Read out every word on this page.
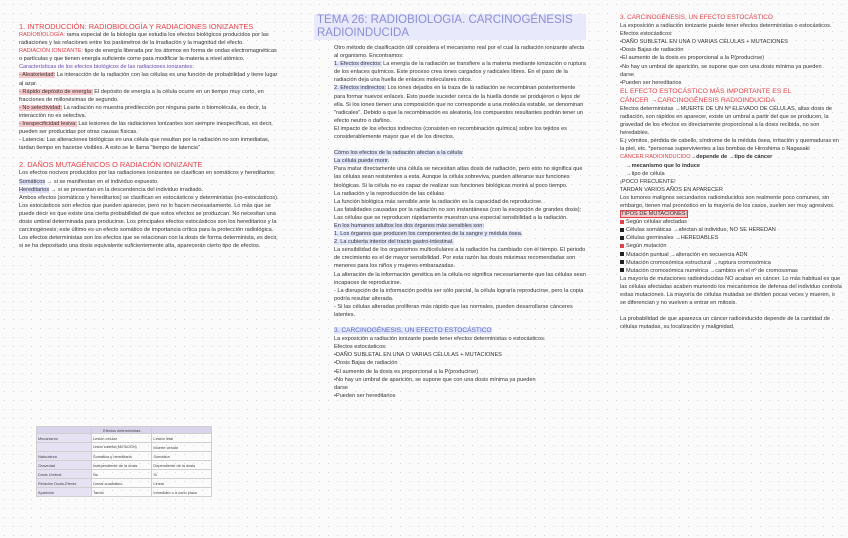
1. INTRODUCCIÓN: RADIOBIOLOGÍA Y RADIACIONES IONIZANTES

RADIOBIOLOGÍA: rama especial de la biología que estudia los efectos biológicos producidos por las radiaciones y las relaciones entre los parámetros de la irradiación y la magnitud del efecto.

RADIACIÓN IONIZANTE: tipo de energía liberada por los átomos en forma de ondas electromagnéticas o partículas y que tienen energía suficiente como para modificar la materia a nivel atómico.

Características de los efectos biológicos de las radiaciones ionizantes:

- Aleatoriedad: La interacción de la radiación con las células es una función de probabilidad y tiene lugar al azar.

- Rápido depósito de energía: El depósito de energía a la célula ocurre en un tiempo muy corto, en fracciones de millonésimas de segundo.

- No selectividad: La radiación no muestra predilección por ninguna parte o biomolécula, es decir, la interacción no es selectiva.

- Inespecificidad lesiva: Las lesiones de las radiaciones ionizantes son siempre inespecíficas, es decir, pueden ser producidas por otras causas físicas.

- Latencia: Las alteraciones biológicas en una célula que resultan por la radiación no son inmediatas, tardan tiempo en hacerse visibles. A esto se le llama "tiempo de latencia"

2. DAÑOS MUTAGÉNICOS O RADIACIÓN IONIZANTE

Los efectos nocivos producidos por las radiaciones ionizantes se clasifican en somáticos y hereditarios:

Somáticos → si se manifiestan en el individuo expuesto.

Hereditarios → si se presentan en la descendencia del individuo irradiado.

Ambos efectos (somáticos y hereditarios) se clasifican en estocásticos y deterministas (no-estocásticos).

Los estocásticos son efectos que pueden aparecer, pero no lo hacen necesariamente. Lo más que se puede decir es que existe una cierta probabilidad de que estos efectos se produzcan. No necesitan una dosis umbral determinada para producirse. Los principales efectos estocásticos son los hereditarios y la carcinogénesis; este último es un efecto somático de importancia crítica para la protección radiológica.

Los efectos deterministas son los efectos que se relacionan con la dosis de forma determinista, es decir, si se ha depositado una dosis equivalente suficientemente alta, aparecerán cierto tipo de efectos.

	Efectos deterministas	
Mecanismo	Lesión celular	Lesión letal
	Lesión subletal (MUTACIÓN)	Muerte celular
Naturaleza	Somática y hereditaria	Somática
Gravedad	Independiente de la dosis	Dependiente de la dosis
Dosis Umbral	No	Sí
Relación Dosis-Efecto	Lineal cuadrático	Lineal
Aparición	Tardío	Inmediato o a corto plazo
TEMA 26: RADIOBIOLOGIA. CARCINOGÉNESIS RADIOINDUCIDA

Otro método de clasificación útil considera el mecanismo real por el cual la radiación ionizante afecta al organismo. Encontramos:

1. Efectos directos: La energía de la radiación se transfiere a la materia mediante ionización o ruptura de los enlaces químicos. Este proceso crea iones cargados y radicales libres. En el paso de la radiación deja una huella de enlaces moleculares rotos.

2. Efectos indirectos: Los iones dejados en la traza de la radiación se recombinan posteriormente para formar nuevos enlaces. Esto puede suceder cerca de la huella donde se produjeron o lejos de ella. Si los iones tienen una composición que no corresponde a una molécula estable, se denominan "radicales". Debido a que la recombinación es aleatoria, los compuestos resultantes podrán tener un efecto neutro o dañino.

El impacto de los efectos indirectos (consisten en recombinación química) sobre los tejidos es considerablemente mayor que el de los directos.

Cómo los efectos de la radiación afectan a la célula:

La célula puede morir.

Para matar directamente una célula se necesitan altas dosis de radiación, pero esto no significa que las células sean resistentes a esta. Aunque la célula sobreviva, pueden alterarse sus funciones biológicas. Si la célula no es capaz de realizar sus funciones biológicas morirá al poco tiempo.

La radiación y la reproducción de las células

La función biológica más sensible ante la radiación es la capacidad de reproducirse.

Las fatalidades causadas por la radiación no son instantáneas (con la excepción de grandes dosis): Las células que se reproducen rápidamente muestran una especial sensibilidad a la radiación.

En los humanos adultos los dos órganos más sensibles son:

1. Los órganos que producen los componentes de la sangre y médula ósea.

2. La cubierta interior del tracto gastro-intestinal.

La sensibilidad de los organismos multicelulares a la radiación ha cambiado con el tiempo. El periodo de crecimiento es el de mayor sensibilidad. Por esta razón las dosis máximas recomendadas son menores para los niños y mujeres embarazadas.

La alteración de la información genética en la célula no significa necesariamente que las células sean incapaces de reproducirse.

- La disrupción de la información podría ser sólo parcial, la célula lograría reproducirse, pero la copia podría resultar alterada.

- Si las células alteradas proliferan más rápido que las normales, pueden desarrollarse cánceres latentes.

3. CARCINOGÉNESIS, UN EFECTO ESTOCÁSTICO

La exposición a radiación ionizante puede tener efectos deterministas o estocásticos.

Efectos estocásticos:

• DAÑO SUBLETAL EN UNA O VARIAS CÉLULAS + MUTACIONES

• Dosis Bajas de radiación

• El aumento de la dosis es proporcional a la P(producirse)

• No hay un umbral de aparición, se supone que con una dosis mínima ya pueden

darse

• Pueden ser hereditarios

3. CARCINOGÉNESIS, UN EFECTO ESTOCÁSTICO

La exposición a radiación ionizante puede tener efectos deterministas o estocásticos.

Efectos estocásticos:

• DAÑO SUBLETAL EN UNA O VARIAS CÉLULAS + MUTACIONES

• Dosis Bajas de radiación

• El aumento de la dosis es proporcional a la P(producirse)

• No hay un umbral de aparición, se supone que con una dosis mínima ya pueden

darse

• Pueden ser hereditarios

EL EFECTO ESTOCÁSTICO MÁS IMPORTANTE ES EL

CÁNCER →CARCINOGÉNESIS RADIOINDUCIDA

Efectos deterministas →MUERTE DE UN Nº ELEVADO DE CÉLULAS, altas dosis de radiación, son rápidos en aparecer, existe un umbral a partir del que se producen, la gravedad de los efectos es directamente proporcional a la dosis recibida, no son heredables.

E.j vómitos, pérdida de cabello, síndrome de la médula ósea, irritación y quemaduras en la piel, etc. *personas supervivientes a las bombas de Hiroshima o Nagasaki

CÁNCER RADIOINDUCIDO→depende de →tipo de cáncer

→mecanismo que lo induce

→tipo de célula

¡POCO FRECUENTE!

TARDAN VARIOS AÑOS EN APARECER

Los tumores malignos secundarios radioinducidos son realmente poco comunes, sin embargo, tienen mal pronóstico en la mayoría de los casos, suelen ser muy agresivos.

TIPOS DE MUTACIONES:

Según células afectadas

Células somáticas →afectan al individuo, NO SE HEREDAN

Células germinales →HEREDABLES

Según mutación

Mutación puntual →alteración en secuencia ADN

Mutación cromosómica estructural →ruptura cromosómica

Mutación cromosómica numérica →cambios en el nº de cromosomas

La mayoría de mutaciones radioinducidas NO acaban en cáncer. Lo más habitual es que las células afectadas acaben muriendo los mecanismos de defensa del individuo controla estas mutaciones. La mayoría de células mutadas se dividen pocas veces y mueren, o se diferencian y no vuelven a entrar en mitosis.

La probabilidad de que aparezca un cáncer radioinducido depende de la cantidad de células mutadas, su localización y malignidad.
